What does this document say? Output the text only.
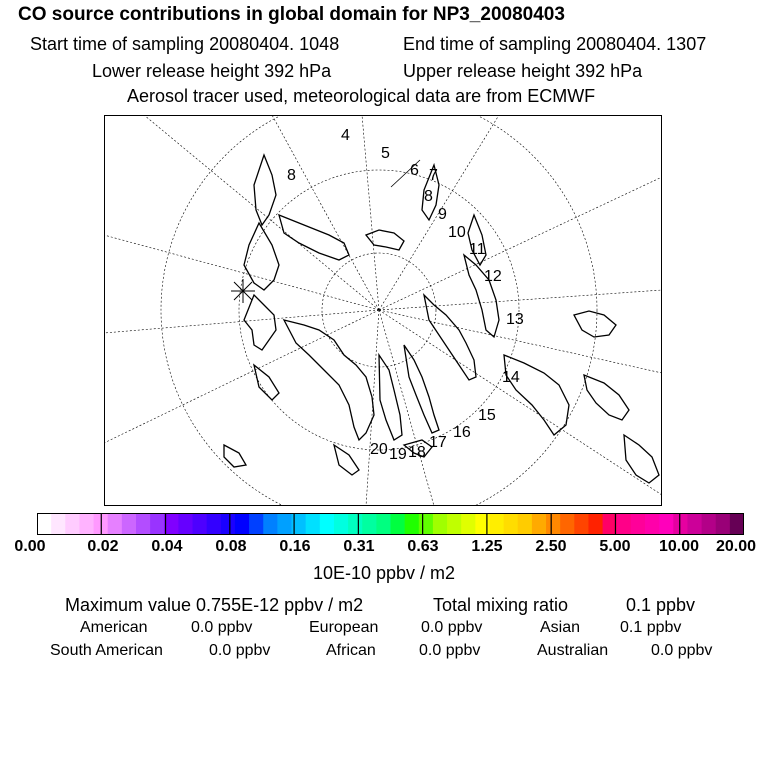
CO source contributions in global domain for NP3_20080403
Start time of sampling 20080404. 1048	End time of sampling 20080404. 1307
Lower release height 392 hPa	Upper release height 392 hPa
Aerosol tracer used, meteorological data are from ECMWF
4
5
6 7
8
9
10
11
12
13
14
15
16
17
18
19
20
8
0.00	0.02 0.04 0.08 0.16 0.31 0.63 1.25 2.50 5.00 10.00 20.00
10E-10 ppbv / m2
Maximum value 0.755E-12 ppbv / m2	Total mixing ratio	0.1 ppbv
American	0.0 ppbv	European	0.0 ppbv	Asian 0.1 ppbv
South American	0.0 ppbv	African	0.0 ppbv	Australian	0.0 ppbv
